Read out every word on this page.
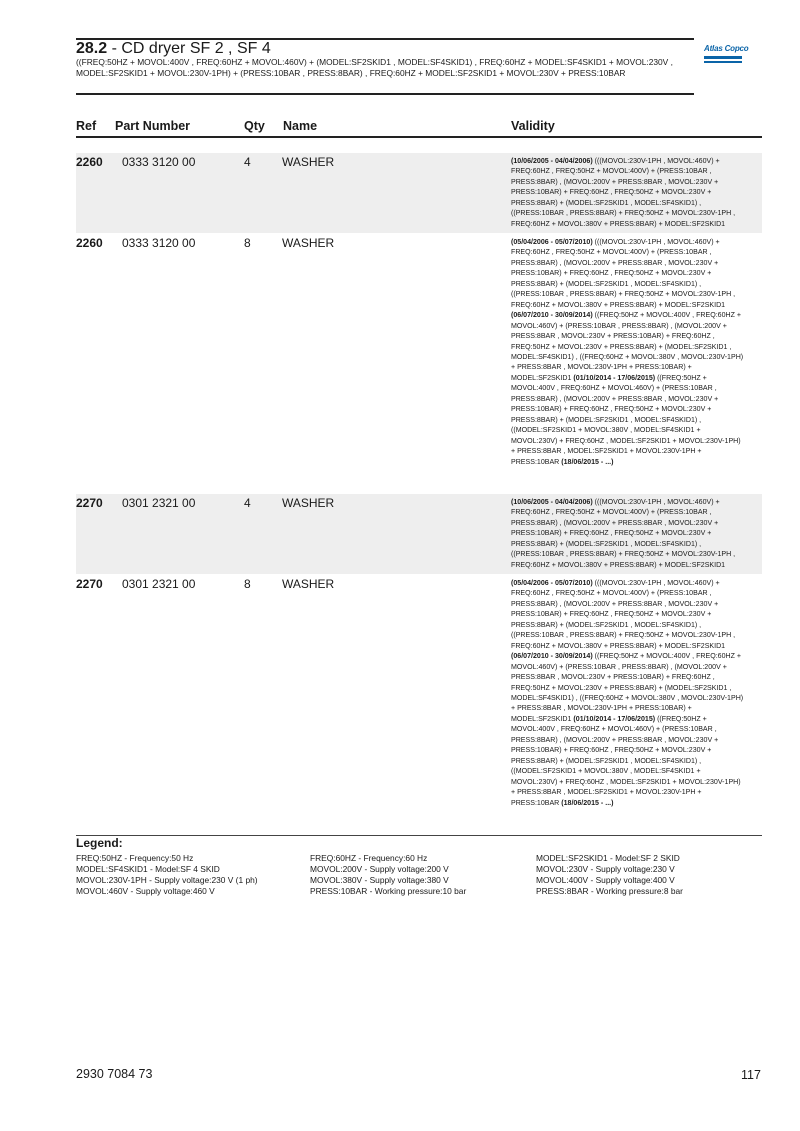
28.2 - CD dryer SF 2 , SF 4
((FREQ:50HZ + MOVOL:400V , FREQ:60HZ + MOVOL:460V) + (MODEL:SF2SKID1 , MODEL:SF4SKID1) , FREQ:60HZ + MODEL:SF4SKID1 + MOVOL:230V , MODEL:SF2SKID1 + MOVOL:230V-1PH) + (PRESS:10BAR , PRESS:8BAR) , FREQ:60HZ + MODEL:SF2SKID1 + MOVOL:230V + PRESS:10BAR
Atlas Copco
Ref Part Number	Qty Name	Validity
2260 0333 3120 00	4	WASHER	(10/06/2005 - 04/04/2006) (((MOVOL:230V-1PH , MOVOL:460V) + FREQ:60HZ , FREQ:50HZ + MOVOL:400V) + (PRESS:10BAR , PRESS:8BAR) , (MOVOL:200V + PRESS:8BAR , MOVOL:230V + PRESS:10BAR) + FREQ:60HZ , FREQ:50HZ + MOVOL:230V + PRESS:8BAR) + (MODEL:SF2SKID1 , MODEL:SF4SKID1) , ((PRESS:10BAR , PRESS:8BAR) + FREQ:50HZ + MOVOL:230V-1PH , FREQ:60HZ + MOVOL:380V + PRESS:8BAR) + MODEL:SF2SKID1
2260 0333 3120 00	8	WASHER	(05/04/2006 - 05/07/2010) (((MOVOL:230V-1PH , MOVOL:460V) + FREQ:60HZ , FREQ:50HZ + MOVOL:400V) + (PRESS:10BAR , PRESS:8BAR) , (MOVOL:200V + PRESS:8BAR , MOVOL:230V + PRESS:10BAR) + FREQ:60HZ , FREQ:50HZ + MOVOL:230V + PRESS:8BAR) + (MODEL:SF2SKID1 , MODEL:SF4SKID1) , ((PRESS:10BAR , PRESS:8BAR) + FREQ:50HZ + MOVOL:230V-1PH , FREQ:60HZ + MOVOL:380V + PRESS:8BAR) + MODEL:SF2SKID1 (06/07/2010 - 30/09/2014) ((FREQ:50HZ + MOVOL:400V , FREQ:60HZ + MOVOL:460V) + (PRESS:10BAR , PRESS:8BAR) , (MOVOL:200V + PRESS:8BAR , MOVOL:230V + PRESS:10BAR) + FREQ:60HZ , FREQ:50HZ + MOVOL:230V + PRESS:8BAR) + (MODEL:SF2SKID1 , MODEL:SF4SKID1) , ((FREQ:60HZ + MOVOL:380V , MOVOL:230V-1PH) + PRESS:8BAR , MOVOL:230V-1PH + PRESS:10BAR) + MODEL:SF2SKID1 (01/10/2014 - 17/06/2015) ((FREQ:50HZ + MOVOL:400V , FREQ:60HZ + MOVOL:460V) + (PRESS:10BAR , PRESS:8BAR) , (MOVOL:200V + PRESS:8BAR , MOVOL:230V + PRESS:10BAR) + FREQ:60HZ , FREQ:50HZ + MOVOL:230V + PRESS:8BAR) + (MODEL:SF2SKID1 , MODEL:SF4SKID1) , ((MODEL:SF2SKID1 + MOVOL:380V , MODEL:SF4SKID1 + MOVOL:230V) + FREQ:60HZ , MODEL:SF2SKID1 + MOVOL:230V-1PH) + PRESS:8BAR , MODEL:SF2SKID1 + MOVOL:230V-1PH + PRESS:10BAR (18/06/2015 - ...)
2270 0301 2321 00	4	WASHER	(10/06/2005 - 04/04/2006) (((MOVOL:230V-1PH , MOVOL:460V) + FREQ:60HZ , FREQ:50HZ + MOVOL:400V) + (PRESS:10BAR , PRESS:8BAR) , (MOVOL:200V + PRESS:8BAR , MOVOL:230V + PRESS:10BAR) + FREQ:60HZ , FREQ:50HZ + MOVOL:230V + PRESS:8BAR) + (MODEL:SF2SKID1 , MODEL:SF4SKID1) , ((PRESS:10BAR , PRESS:8BAR) + FREQ:50HZ + MOVOL:230V-1PH , FREQ:60HZ + MOVOL:380V + PRESS:8BAR) + MODEL:SF2SKID1
2270 0301 2321 00	8	WASHER	(05/04/2006 - 05/07/2010) (((MOVOL:230V-1PH , MOVOL:460V) + FREQ:60HZ , FREQ:50HZ + MOVOL:400V) + (PRESS:10BAR , PRESS:8BAR) , (MOVOL:200V + PRESS:8BAR , MOVOL:230V + PRESS:10BAR) + FREQ:60HZ , FREQ:50HZ + MOVOL:230V + PRESS:8BAR) + (MODEL:SF2SKID1 , MODEL:SF4SKID1) , ((PRESS:10BAR , PRESS:8BAR) + FREQ:50HZ + MOVOL:230V-1PH , FREQ:60HZ + MOVOL:380V + PRESS:8BAR) + MODEL:SF2SKID1 (06/07/2010 - 30/09/2014) ((FREQ:50HZ + MOVOL:400V , FREQ:60HZ + MOVOL:460V) + (PRESS:10BAR , PRESS:8BAR) , (MOVOL:200V + PRESS:8BAR , MOVOL:230V + PRESS:10BAR) + FREQ:60HZ , FREQ:50HZ + MOVOL:230V + PRESS:8BAR) + (MODEL:SF2SKID1 , MODEL:SF4SKID1) , ((FREQ:60HZ + MOVOL:380V , MOVOL:230V-1PH) + PRESS:8BAR , MOVOL:230V-1PH + PRESS:10BAR) + MODEL:SF2SKID1 (01/10/2014 - 17/06/2015) ((FREQ:50HZ + MOVOL:400V , FREQ:60HZ + MOVOL:460V) + (PRESS:10BAR , PRESS:8BAR) , (MOVOL:200V + PRESS:8BAR , MOVOL:230V + PRESS:10BAR) + FREQ:60HZ , FREQ:50HZ + MOVOL:230V + PRESS:8BAR) + (MODEL:SF2SKID1 , MODEL:SF4SKID1) , ((MODEL:SF2SKID1 + MOVOL:380V , MODEL:SF4SKID1 + MOVOL:230V) + FREQ:60HZ , MODEL:SF2SKID1 + MOVOL:230V-1PH) + PRESS:8BAR , MODEL:SF2SKID1 + MOVOL:230V-1PH + PRESS:10BAR (18/06/2015 - ...)
Legend:
FREQ:50HZ - Frequency:50 Hz	FREQ:60HZ - Frequency:60 Hz	MODEL:SF2SKID1 - Model:SF 2 SKID
MODEL:SF4SKID1 - Model:SF 4 SKID	MOVOL:200V - Supply voltage:200 V	MOVOL:230V - Supply voltage:230 V
MOVOL:230V-1PH - Supply voltage:230 V (1 ph)	MOVOL:380V - Supply voltage:380 V	MOVOL:400V - Supply voltage:400 V
MOVOL:460V - Supply voltage:460 V	PRESS:10BAR - Working pressure:10 bar	PRESS:8BAR - Working pressure:8 bar
2930 7084 73	117
